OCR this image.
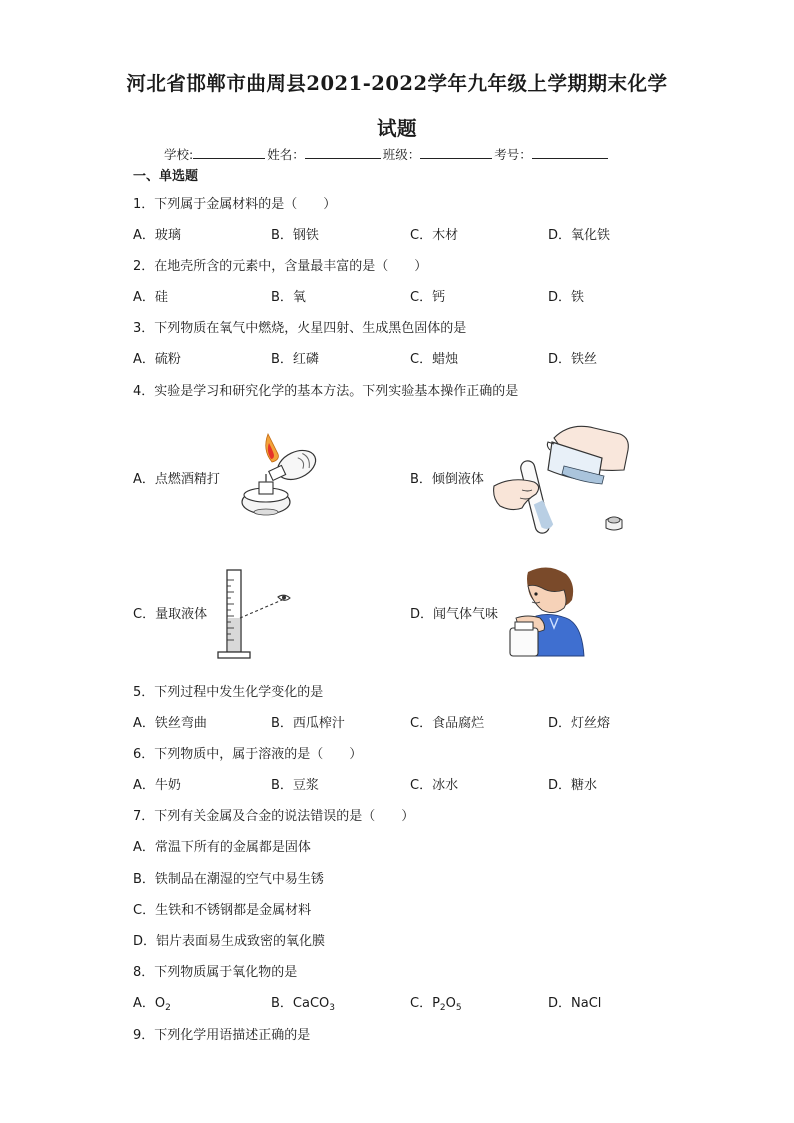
河北省邯郸市曲周县2021-2022学年九年级上学期期末化学
试题
学校:	姓名：	班级：	考号：
一、单选题
1．下列属于金属材料的是（　　）
A．玻璃	B．钢铁	C．木材	D．氧化铁
2．在地壳所含的元素中，含量最丰富的是（　　）
A．硅	B．氧	C．钙	D．铁
3．下列物质在氧气中燃烧，火星四射、生成黑色固体的是
A．硫粉	B．红磷	C．蜡烛	D．铁丝
4．实验是学习和研究化学的基本方法。下列实验基本操作正确的是
A．点燃酒精打	B．倾倒液体
C．量取液体	D．闻气体气味
5．下列过程中发生化学变化的是
A．铁丝弯曲	B．西瓜榨汁	C．食品腐烂	D．灯丝熔
6．下列物质中，属于溶液的是（　　）
A．牛奶	B．豆浆	C．冰水	D．糖水
7．下列有关金属及合金的说法错误的是（　　）
A．常温下所有的金属都是固体
B．铁制品在潮湿的空气中易生锈
C．生铁和不锈钢都是金属材料
D．铝片表面易生成致密的氧化膜
8．下列物质属于氧化物的是
A．$O_2$	B．CaCO$_3$	C．$P_2O_5$	D．NaCl
9．下列化学用语描述正确的是
